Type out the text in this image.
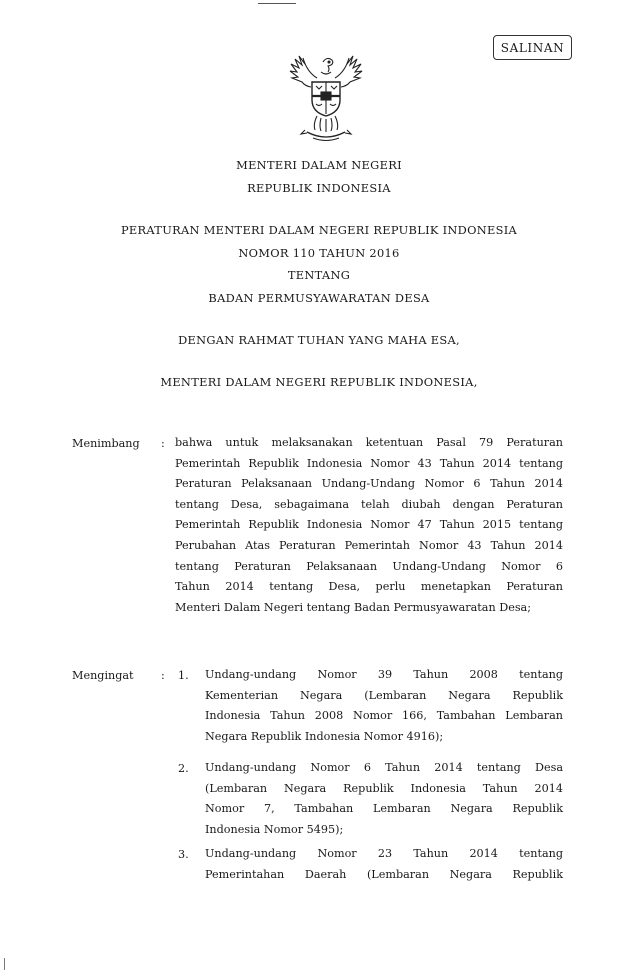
SALINAN
MENTERI DALAM NEGERI
REPUBLIK INDONESIA
PERATURAN MENTERI DALAM NEGERI REPUBLIK INDONESIA
NOMOR 110 TAHUN 2016
TENTANG
BADAN PERMUSYAWARATAN DESA
DENGAN RAHMAT TUHAN YANG MAHA ESA,
MENTERI DALAM NEGERI REPUBLIK INDONESIA,
Menimbang : bahwa untuk melaksanakan ketentuan Pasal 79 Peraturan
Pemerintah Republik Indonesia Nomor 43 Tahun 2014 tentang
Peraturan Pelaksanaan Undang-Undang Nomor 6 Tahun 2014
tentang Desa, sebagaimana telah diubah dengan Peraturan
Pemerintah Republik Indonesia Nomor 47 Tahun 2015 tentang
Perubahan Atas Peraturan Pemerintah Nomor 43 Tahun 2014
tentang Peraturan Pelaksanaan Undang-Undang Nomor 6
Tahun 2014 tentang Desa, perlu menetapkan Peraturan
Menteri Dalam Negeri tentang Badan Permusyawaratan Desa;
Mengingat : 1. Undang-undang Nomor 39 Tahun 2008 tentang
Kementerian Negara (Lembaran Negara Republik
Indonesia Tahun 2008 Nomor 166, Tambahan Lembaran
Negara Republik Indonesia Nomor 4916);
2. Undang-undang Nomor 6 Tahun 2014 tentang Desa
(Lembaran Negara Republik Indonesia Tahun 2014
Nomor 7, Tambahan Lembaran Negara Republik
Indonesia Nomor 5495);
3. Undang-undang Nomor 23 Tahun 2014 tentang
Pemerintahan Daerah (Lembaran Negara Republik
